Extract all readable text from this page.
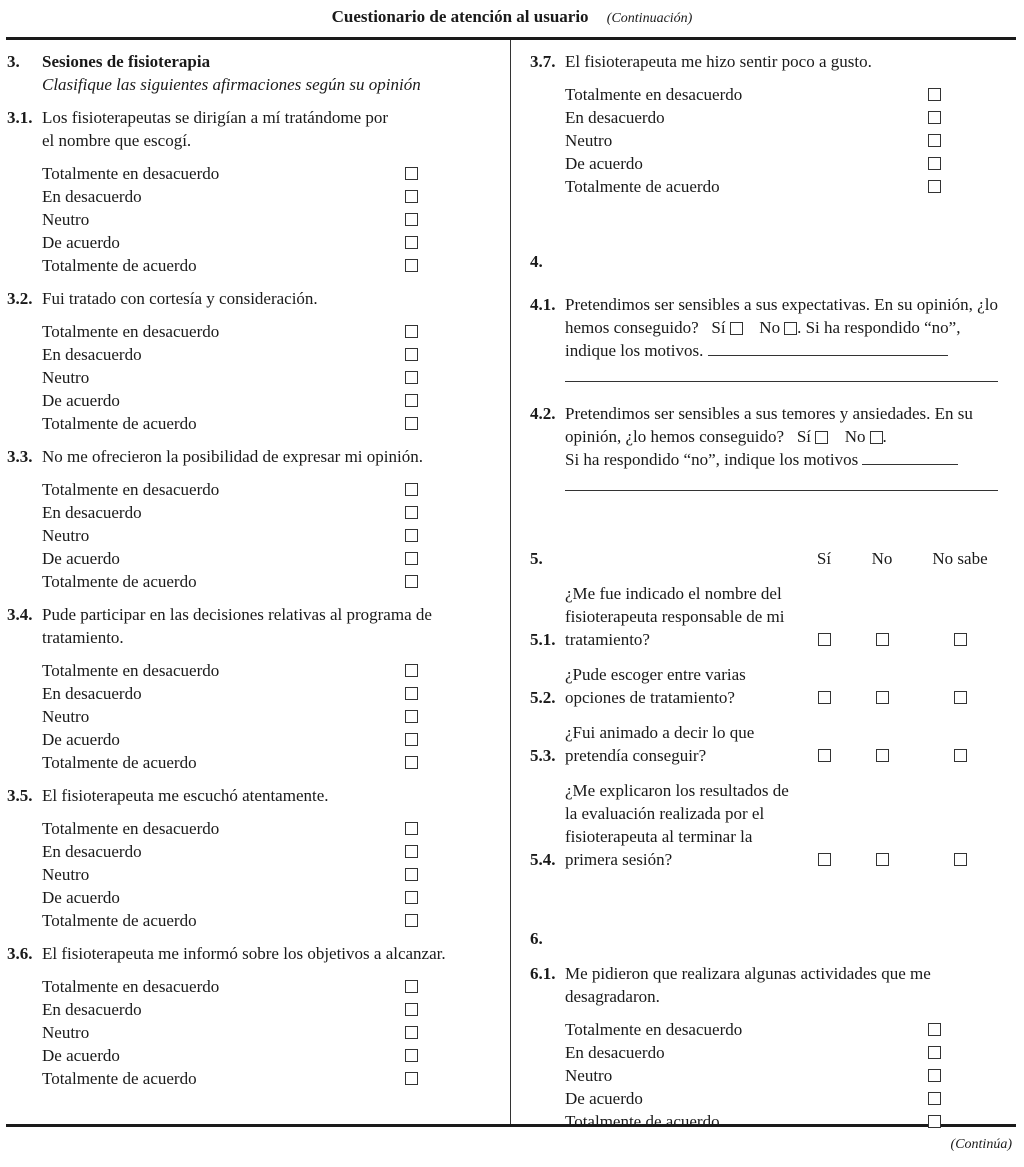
Cuestionario de atención al usuario (Continuación)
(Continúa)
3.	Sesiones de fisioterapia
Clasifique las siguientes afirmaciones según su opinión
3.1. Los fisioterapeutas se dirigían a mí tratándome por el nombre que escogí.
Totalmente en desacuerdo
En desacuerdo
Neutro
De acuerdo
Totalmente de acuerdo
3.2. Fui tratado con cortesía y consideración.
Totalmente en desacuerdo
En desacuerdo
Neutro
De acuerdo
Totalmente de acuerdo
3.3. No me ofrecieron la posibilidad de expresar mi opinión.
Totalmente en desacuerdo
En desacuerdo
Neutro
De acuerdo
Totalmente de acuerdo
3.4. Pude participar en las decisiones relativas al programa de tratamiento.
Totalmente en desacuerdo
En desacuerdo
Neutro
De acuerdo
Totalmente de acuerdo
3.5. El fisioterapeuta me escuchó atentamente.
Totalmente en desacuerdo
En desacuerdo
Neutro
De acuerdo
Totalmente de acuerdo
3.6. El fisioterapeuta me informó sobre los objetivos a alcanzar.
Totalmente en desacuerdo
En desacuerdo
Neutro
De acuerdo
Totalmente de acuerdo
3.7. El fisioterapeuta me hizo sentir poco a gusto.
Totalmente en desacuerdo
En desacuerdo
Neutro
De acuerdo
Totalmente de acuerdo
4.
4.1. Pretendimos ser sensibles a sus expectativas. En su opinión, ¿lo hemos conseguido? Sí No . Si ha respondido “no”, indique los motivos.
4.2. Pretendimos ser sensibles a sus temores y ansiedades. En su opinión, ¿lo hemos conseguido? Sí No .
Si ha respondido “no”, indique los motivos
5.	Sí	No	No sabe
5.1.
¿Me fue indicado el nombre del fisioterapeuta responsable de mi tratamiento?
5.2.
¿Pude escoger entre varias opciones de tratamiento?
5.3.
¿Fui animado a decir lo que pretendía conseguir?
5.4.
¿Me explicaron los resultados de la evaluación realizada por el fisioterapeuta al terminar la primera sesión?
6.
6.1. Me pidieron que realizara algunas actividades que me desagradaron.
Totalmente en desacuerdo
En desacuerdo
Neutro
De acuerdo
Totalmente de acuerdo
